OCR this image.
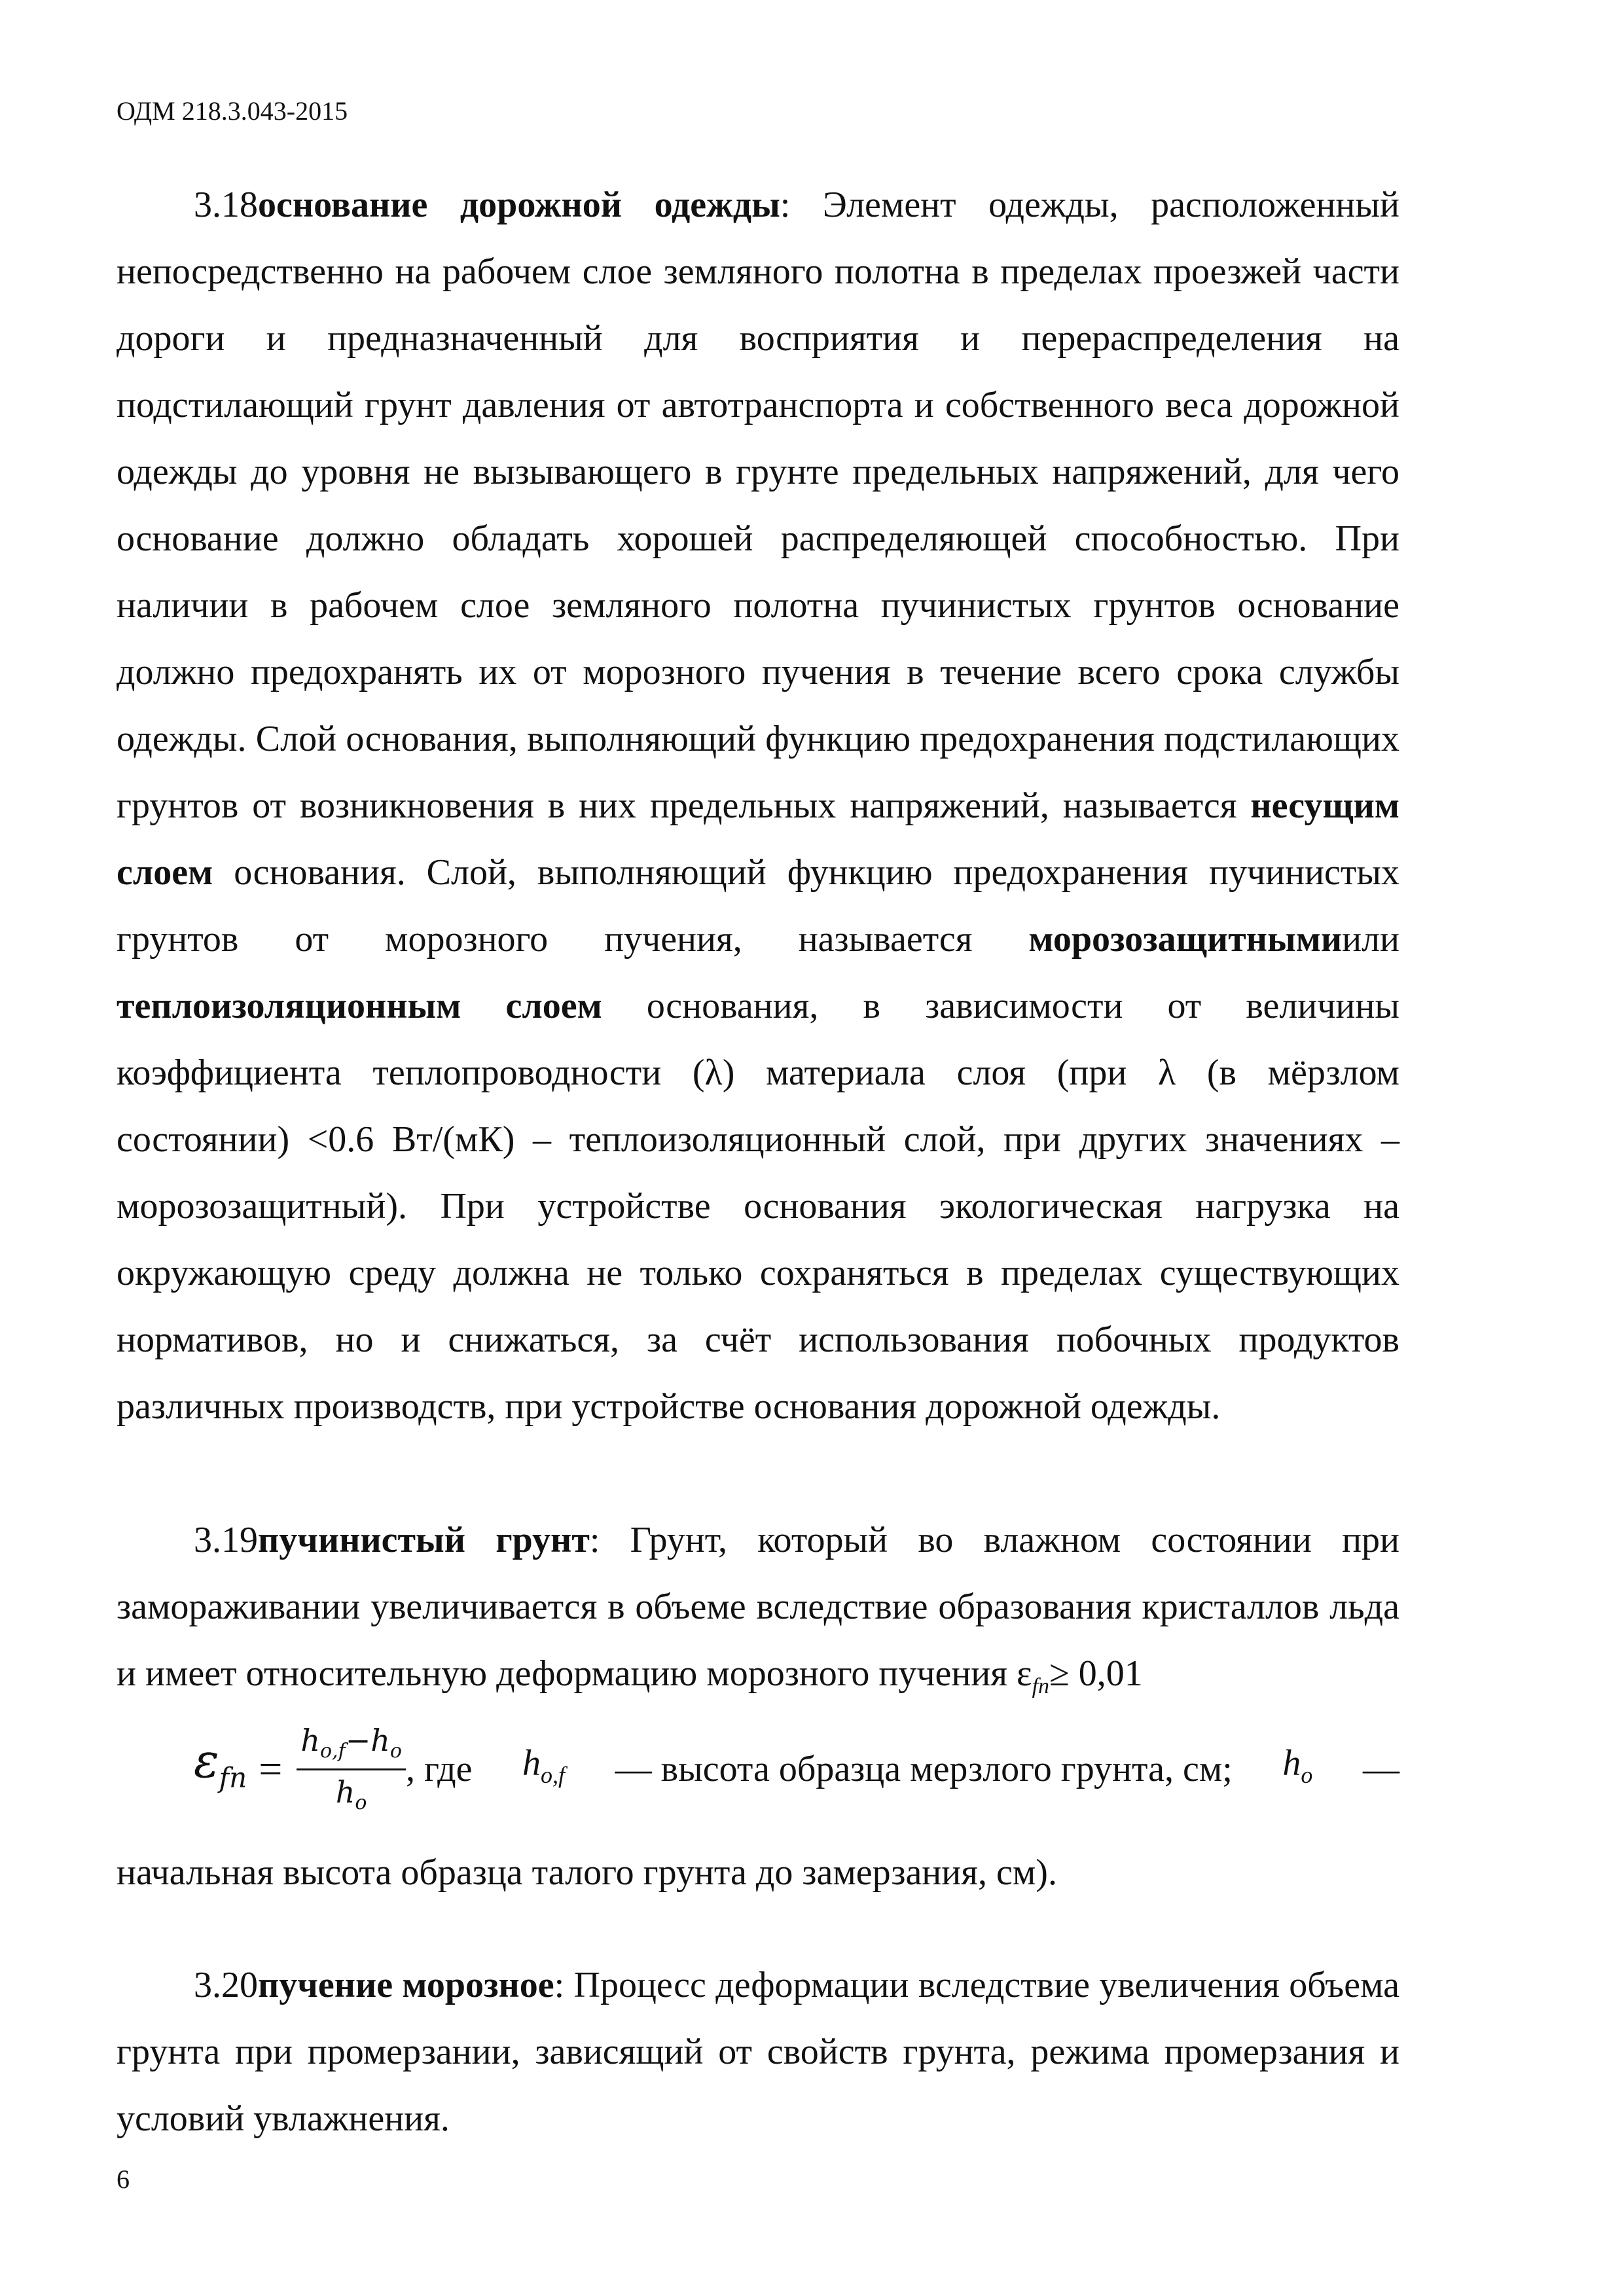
ОДМ 218.3.043-2015
3.18основание дорожной одежды: Элемент одежды, расположенный непосредственно на рабочем слое земляного полотна в пределах проезжей части дороги и предназначенный для восприятия и перераспределения на подстилающий грунт давления от автотранспорта и собственного веса дорожной одежды до уровня не вызывающего в грунте предельных напряжений, для чего основание должно обладать хорошей распределяющей способностью. При наличии в рабочем слое земляного полотна пучинистых грунтов основание должно предохранять их от морозного пучения в течение всего срока службы одежды. Слой основания, выполняющий функцию предохранения подстилающих грунтов от возникновения в них предельных напряжений, называется несущим слоем основания. Слой, выполняющий функцию предохранения пучинистых грунтов от морозного пучения, называется морозозащитнымиили теплоизоляционным слоем основания, в зависимости от величины коэффициента теплопроводности (λ) материала слоя (при λ (в мёрзлом состоянии) <0.6 Вт/(мК) – теплоизоляционный слой, при других значениях – морозозащитный). При устройстве основания экологическая нагрузка на окружающую среду должна не только сохраняться в пределах существующих нормативов, но и снижаться, за счёт использования побочных продуктов различных производств, при устройстве основания дорожной одежды.
3.19пучинистый грунт: Грунт, который во влажном состоянии при замораживании увеличивается в объеме вследствие образования кристаллов льда и имеет относительную деформацию морозного пучения $\varepsilon_{fn}\ge 0,01$
$\varepsilon_{fn} = \frac{h_{o,f}-h_o}{h_o}$ , где $h_{o,f}$ — высота образца мерзлого грунта, см; $h_o$ —
начальная высота образца талого грунта до замерзания, см).
3.20пучение морозное: Процесс деформации вследствие увеличения объема грунта при промерзании, зависящий от свойств грунта, режима промерзания и условий увлажнения.
6
